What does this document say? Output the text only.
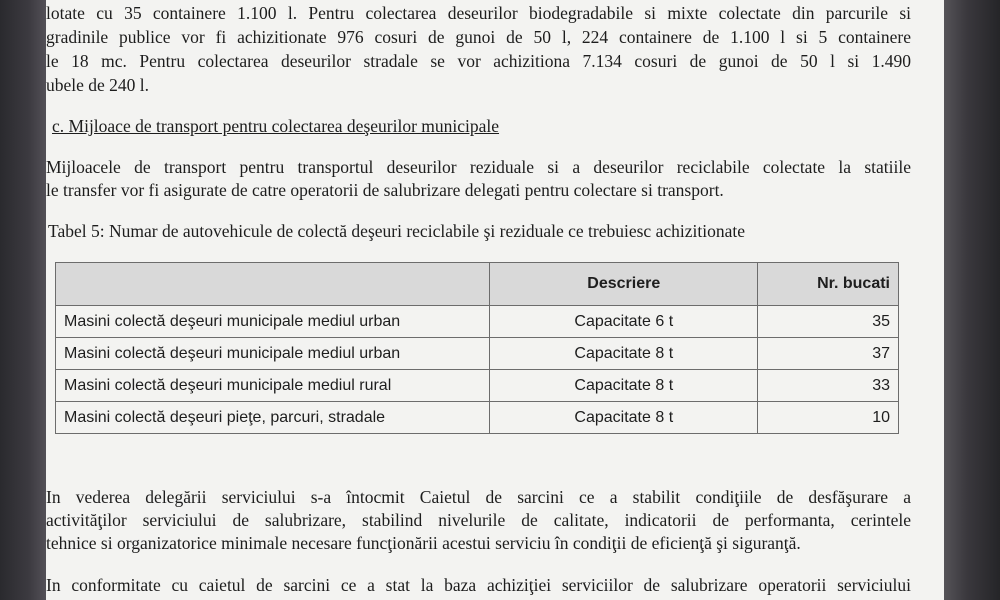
lotate cu 35 containere 1.100 l. Pentru colectarea deseurilor biodegradabile si mixte colectate din parcurile si
gradinile publice vor fi achizitionate 976 cosuri de gunoi de 50 l, 224 containere de 1.100 l si 5 containere
le 18 mc. Pentru colectarea deseurilor stradale se vor achizitiona 7.134 cosuri de gunoi de 50 l si 1.490
ubele de 240 l.
c. Mijloace de transport pentru colectarea deşeurilor municipale
Mijloacele de transport pentru transportul deseurilor reziduale si a deseurilor reciclabile colectate la statiile
le transfer vor fi asigurate de catre operatorii de salubrizare delegati pentru colectare si transport.
Tabel 5: Numar de autovehicule de colectă deşeuri reciclabile şi reziduale ce trebuiesc achizitionate
	Descriere	Nr. bucati
Masini colectă deşeuri municipale mediul urban	Capacitate 6 t	35
Masini colectă deşeuri municipale mediul urban	Capacitate 8 t	37
Masini colectă deşeuri municipale mediul rural	Capacitate 8 t	33
Masini colectă deşeuri pieţe, parcuri, stradale	Capacitate 8 t	10
In vederea delegării serviciului s-a întocmit Caietul de sarcini ce a stabilit condiţiile de desfăşurare a
activităţilor serviciului de salubrizare, stabilind nivelurile de calitate, indicatorii de performanta, cerintele
tehnice si organizatorice minimale necesare funcţionării acestui serviciu în condiţii de eficienţă şi siguranţă.
In conformitate cu caietul de sarcini ce a stat la baza achiziţiei serviciilor de salubrizare operatorii serviciului
